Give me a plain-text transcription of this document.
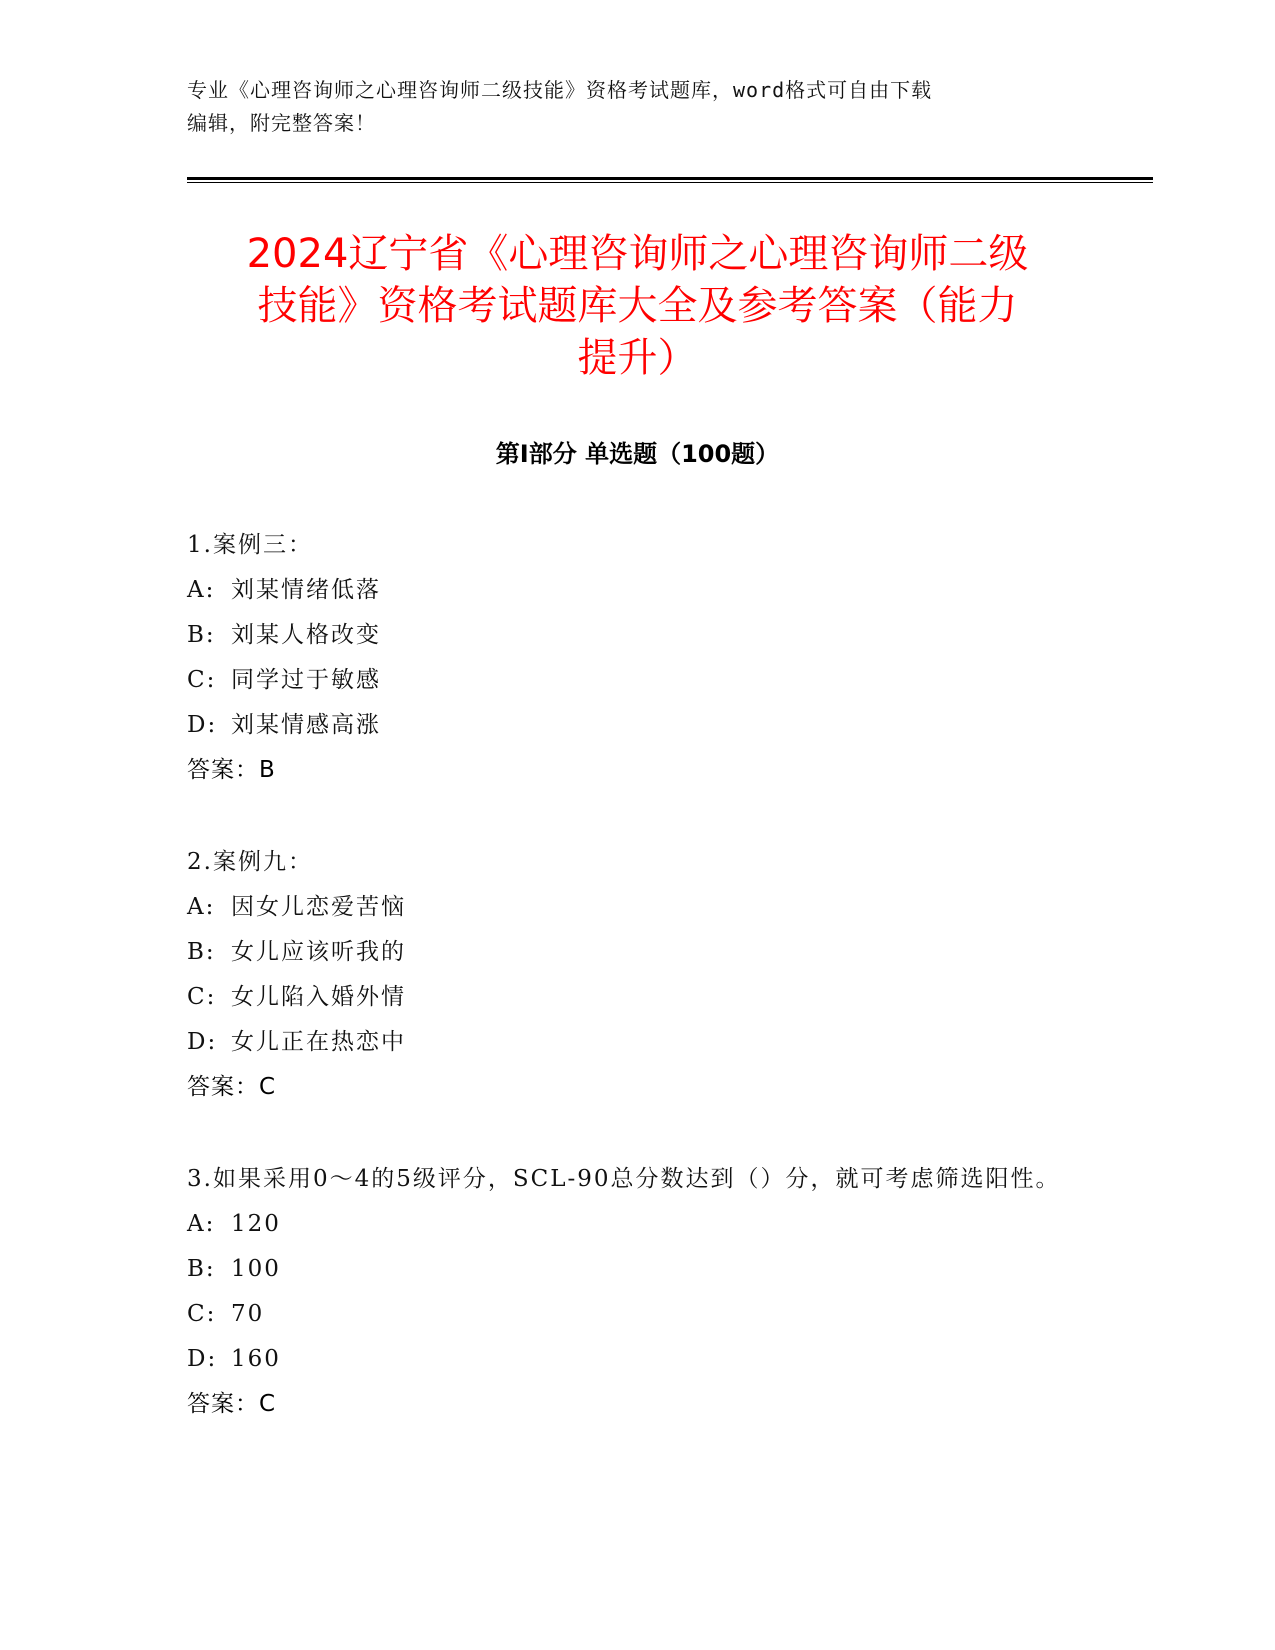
专业《心理咨询师之心理咨询师二级技能》资格考试题库，word格式可自由下载
编辑，附完整答案！
2024辽宁省《心理咨询师之心理咨询师二级
技能》资格考试题库大全及参考答案（能力
提升）
第Ⅰ部分 单选题（100题）
1.案例三：
A: 刘某情绪低落
B: 刘某人格改变
C: 同学过于敏感
D: 刘某情感高涨
答案：B
2.案例九：
A: 因女儿恋爱苦恼
B: 女儿应该听我的
C: 女儿陷入婚外情
D: 女儿正在热恋中
答案：C
3.如果采用0～4的5级评分，SCL-90总分数达到（）分，就可考虑筛选阳性。
A: 120
B: 100
C: 70
D: 160
答案：C
